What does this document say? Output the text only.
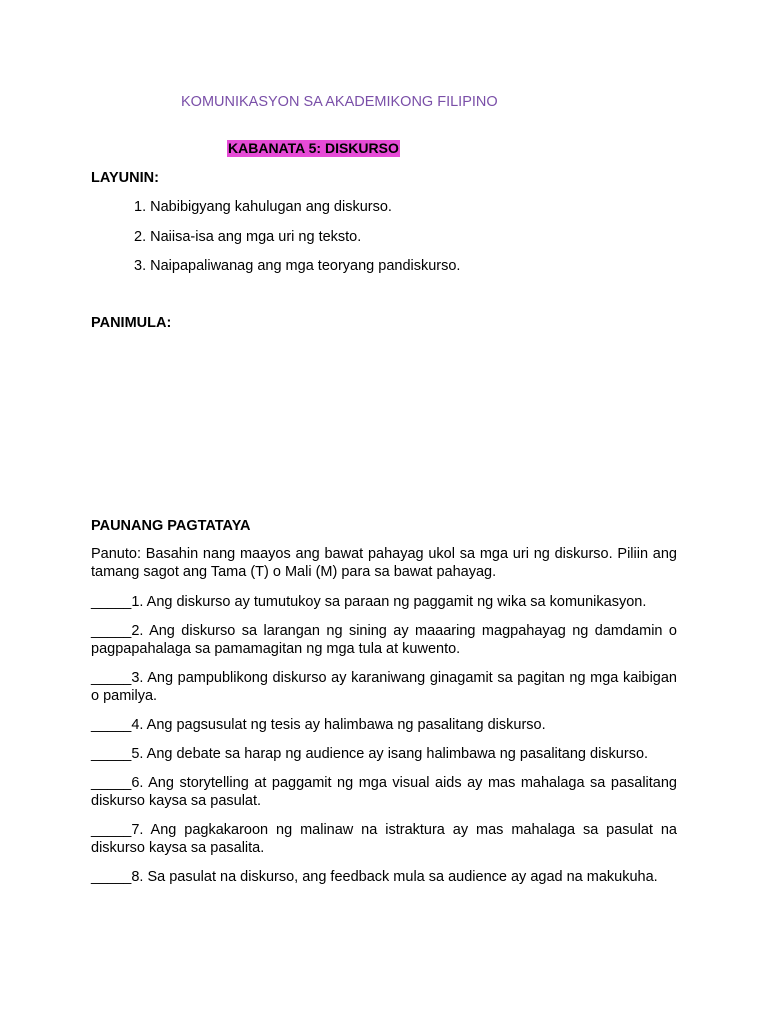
KOMUNIKASYON SA AKADEMIKONG FILIPINO
KABANATA 5: DISKURSO
LAYUNIN:
1. Nabibigyang kahulugan ang diskurso.
2. Naiisa-isa ang mga uri ng teksto.
3. Naipapaliwanag ang mga teoryang pandiskurso.
PANIMULA:
PAUNANG PAGTATAYA

Panuto: Basahin nang maayos ang bawat pahayag ukol sa mga uri ng diskurso. Piliin ang tamang sagot ang Tama (T) o Mali (M) para sa bawat pahayag.

_____1. Ang diskurso ay tumutukoy sa paraan ng paggamit ng wika sa komunikasyon.

_____2. Ang diskurso sa larangan ng sining ay maaaring magpahayag ng damdamin o pagpapahalaga sa pamamagitan ng mga tula at kuwento.

_____3. Ang pampublikong diskurso ay karaniwang ginagamit sa pagitan ng mga kaibigan o pamilya.

_____4. Ang pagsusulat ng tesis ay halimbawa ng pasalitang diskurso.

_____5. Ang debate sa harap ng audience ay isang halimbawa ng pasalitang diskurso.

_____6. Ang storytelling at paggamit ng mga visual aids ay mas mahalaga sa pasalitang diskurso kaysa sa pasulat.

_____7. Ang pagkakaroon ng malinaw na istraktura ay mas mahalaga sa pasulat na diskurso kaysa sa pasalita.

_____8. Sa pasulat na diskurso, ang feedback mula sa audience ay agad na makukuha.
